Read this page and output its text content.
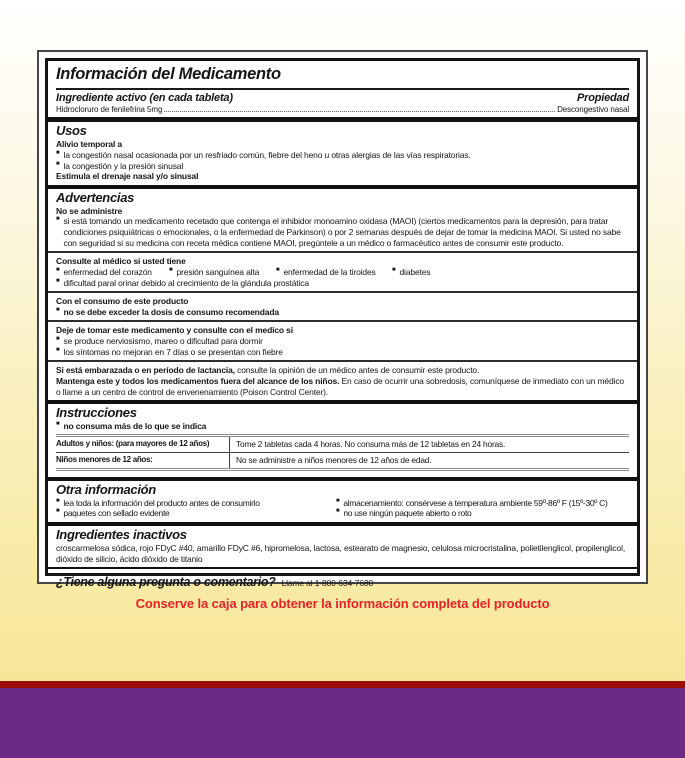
Información del Medicamento
Ingrediente activo (en cada tableta)	Propiedad
Hidrocloruro de fenilefrina 5mg	Descongestivo nasal
Usos
Alivio temporal a
■ la congestión nasal ocasionada por un resfriado común, fiebre del heno u otras alergias de las vías respiratorias.
■ la congestión y la presión sinusal
Estimula el drenaje nasal y/o sinusal
Advertencias
No se administre
■ si está tomando un medicamento recetado que contenga el inhibidor monoamino oxidasa (MAOI) (ciertos medicamentos para la depresión, para tratar condiciones psiquiátricas o emocionales, o la enfermedad de Parkinson) o por 2 semanas después de dejar de tomar la medicina MAOI. Si usted no sabe con seguridad si su medicina con receta médica contiene MAOI, pregúntele a un médico o farmacéutico antes de consumir este producto.
Consulte al médico si usted tiene
■ enfermedad del corazón	■ presión sanguínea alta	■ enfermedad de la tiroides	■ diabetes
■ dificultad paral orinar debido al crecimiento de la glándula prostática
Con el consumo de este producto
■ no se debe exceder la dosis de consumo recomendada
Deje de tomar este medicamento y consulte con el medico si
■ se produce nerviosismo, mareo o dificultad para dormir
■ los síntomas no mejoran en 7 días o se presentan con fiebre
Si está embarazada o en período de lactancia, consulte la opinión de un médico antes de consumir este producto.
Mantenga este y todos los medicamentos fuera del alcance de los niños. En caso de ocurrir una sobredosis, comuníquese de inmediato con un médico o llame a un centro de control de envenenamiento (Poison Control Center).
Instrucciones
■ no consuma más de lo que se indica
Adultos y niños: (para mayores de 12 años)	Tome 2 tabletas cada 4 horas. No consuma más de 12 tabletas en 24 horas.
Niños menores de 12 años:	No se administre a niños menores de 12 años de edad.
Otra información
■ lea toda la información del producto antes de consumirlo
■ paquetes con sellado evidente
■ almacenamiento: consérvese a temperatura ambiente 59º-86º F (15º-30º C)
■ no use ningún paquete abierto o roto
Ingredientes inactivos
croscarmelosa sódica, rojo FDyC #40, amarillo FDyC #6, hipromelosa, lactosa, estearato de magnesio, celulosa microcristalina, polietilenglicol, propilenglicol, dióxido de silicio, ácido dióxido de titanio
¿Tiene alguna pregunta o comentario? Llame al 1-800-634-7680
Conserve la caja para obtener la información completa del producto
